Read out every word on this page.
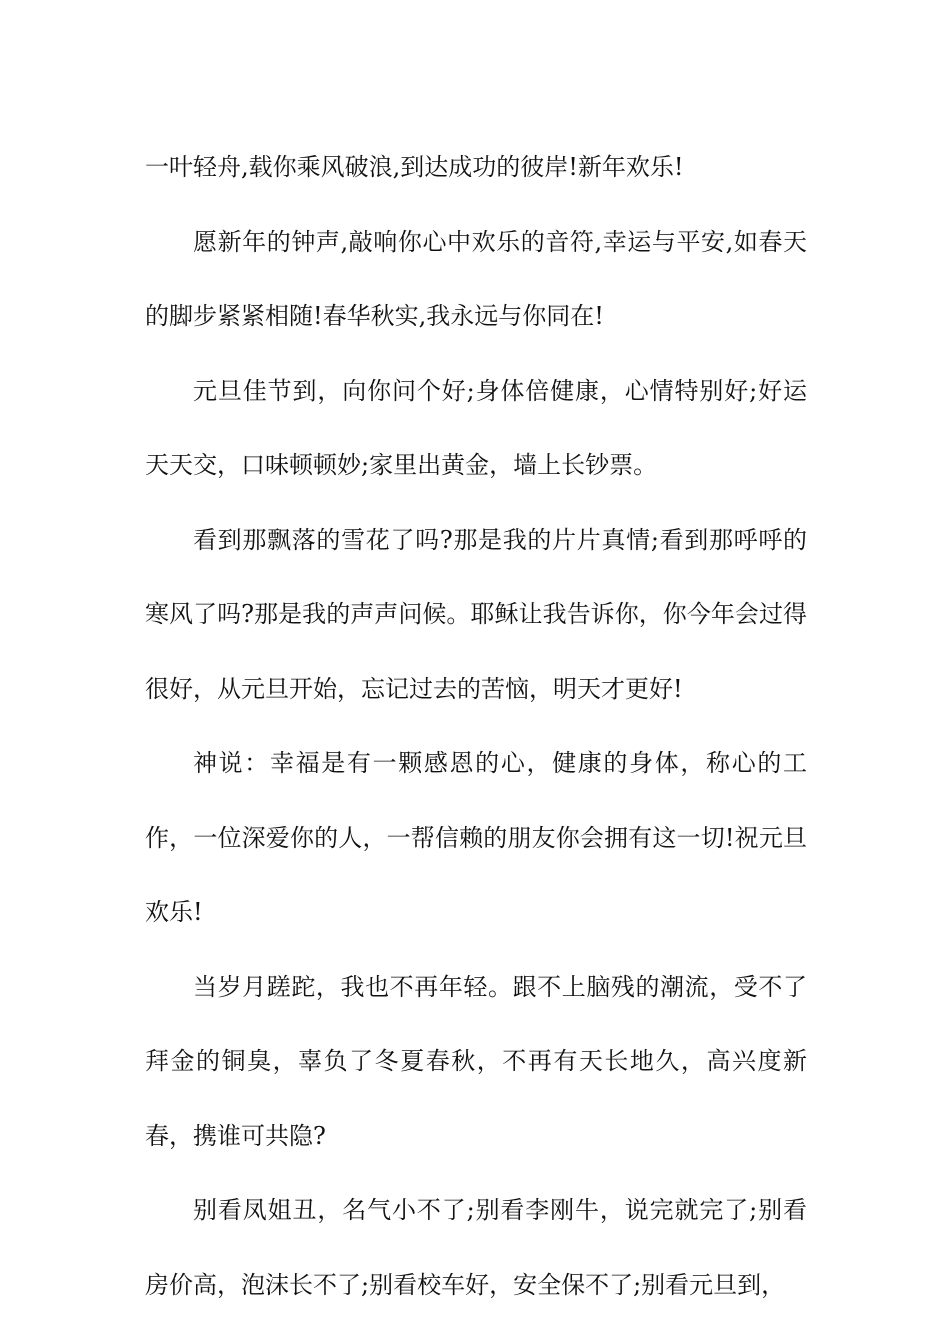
一叶轻舟,载你乘风破浪,到达成功的彼岸!新年欢乐!

愿新年的钟声,敲响你心中欢乐的音符,幸运与平安,如春天的脚步紧紧相随!春华秋实,我永远与你同在!

元旦佳节到，向你问个好;身体倍健康，心情特别好;好运天天交，口味顿顿妙;家里出黄金，墙上长钞票。

看到那飘落的雪花了吗?那是我的片片真情;看到那呼呼的寒风了吗?那是我的声声问候。耶稣让我告诉你，你今年会过得很好，从元旦开始，忘记过去的苦恼，明天才更好!

神说：幸福是有一颗感恩的心，健康的身体，称心的工作，一位深爱你的人，一帮信赖的朋友你会拥有这一切!祝元旦欢乐!

当岁月蹉跎，我也不再年轻。跟不上脑残的潮流，受不了拜金的铜臭，辜负了冬夏春秋，不再有天长地久，高兴度新春，携谁可共隐?

别看凤姐丑，名气小不了;别看李刚牛，说完就完了;别看房价高，泡沫长不了;别看校车好，安全保不了;别看元旦到，
